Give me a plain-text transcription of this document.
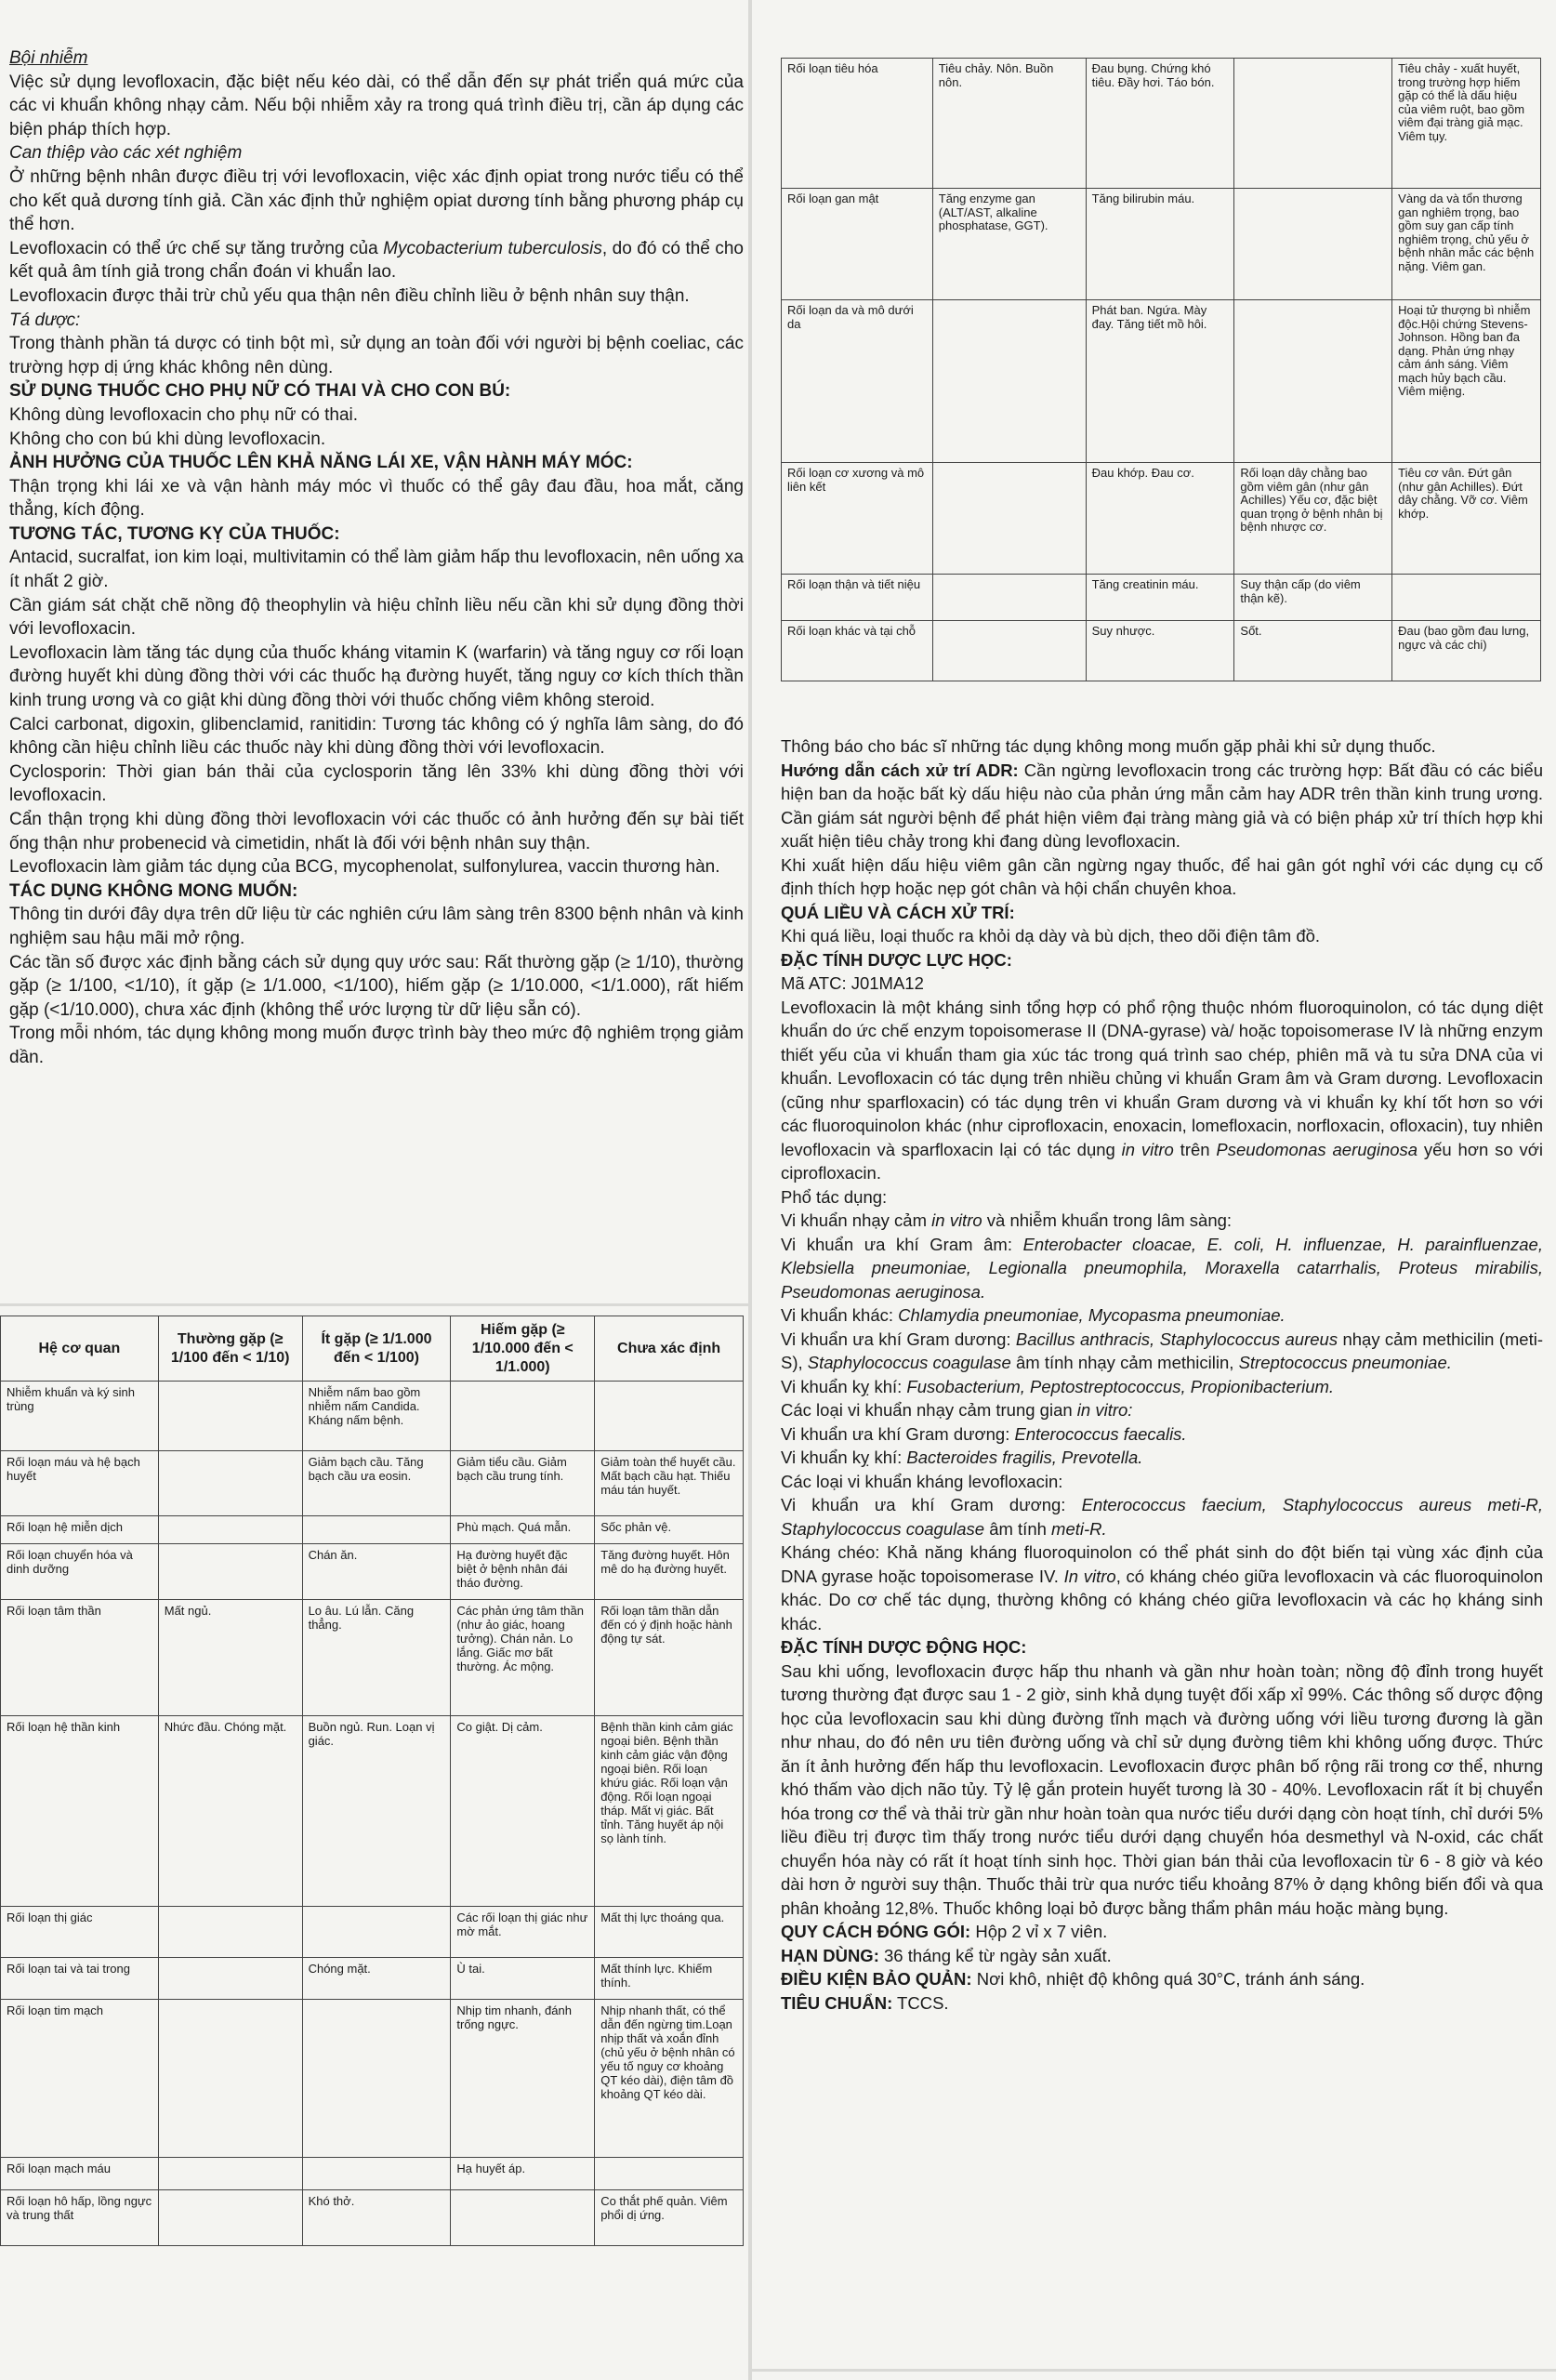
Bội nhiễm

Việc sử dụng levofloxacin, đặc biệt nếu kéo dài, có thể dẫn đến sự phát triển quá mức của các vi khuẩn không nhạy cảm. Nếu bội nhiễm xảy ra trong quá trình điều trị, cần áp dụng các biện pháp thích hợp.

Can thiệp vào các xét nghiệm

Ở những bệnh nhân được điều trị với levofloxacin, việc xác định opiat trong nước tiểu có thể cho kết quả dương tính giả. Cần xác định thử nghiệm opiat dương tính bằng phương pháp cụ thể hơn.

Levofloxacin có thể ức chế sự tăng trưởng của Mycobacterium tuberculosis, do đó có thể cho kết quả âm tính giả trong chẩn đoán vi khuẩn lao.

Levofloxacin được thải trừ chủ yếu qua thận nên điều chỉnh liều ở bệnh nhân suy thận.

Tá dược:

Trong thành phần tá dược có tinh bột mì, sử dụng an toàn đối với người bị bệnh coeliac, các trường hợp dị ứng khác không nên dùng.

SỬ DỤNG THUỐC CHO PHỤ NỮ CÓ THAI VÀ CHO CON BÚ:

Không dùng levofloxacin cho phụ nữ có thai.

Không cho con bú khi dùng levofloxacin.

ẢNH HƯỞNG CỦA THUỐC LÊN KHẢ NĂNG LÁI XE, VẬN HÀNH MÁY MÓC:

Thận trọng khi lái xe và vận hành máy móc vì thuốc có thể gây đau đầu, hoa mắt, căng thẳng, kích động.

TƯƠNG TÁC, TƯƠNG KỴ CỦA THUỐC:

Antacid, sucralfat, ion kim loại, multivitamin có thể làm giảm hấp thu levofloxacin, nên uống xa ít nhất 2 giờ.

Cần giám sát chặt chẽ nồng độ theophylin và hiệu chỉnh liều nếu cần khi sử dụng đồng thời với levofloxacin.

Levofloxacin làm tăng tác dụng của thuốc kháng vitamin K (warfarin) và tăng nguy cơ rối loạn đường huyết khi dùng đồng thời với các thuốc hạ đường huyết, tăng nguy cơ kích thích thần kinh trung ương và co giật khi dùng đồng thời với thuốc chống viêm không steroid.

Calci carbonat, digoxin, glibenclamid, ranitidin: Tương tác không có ý nghĩa lâm sàng, do đó không cần hiệu chỉnh liều các thuốc này khi dùng đồng thời với levofloxacin.

Cyclosporin: Thời gian bán thải của cyclosporin tăng lên 33% khi dùng đồng thời với levofloxacin.

Cẩn thận trọng khi dùng đồng thời levofloxacin với các thuốc có ảnh hưởng đến sự bài tiết ống thận như probenecid và cimetidin, nhất là đối với bệnh nhân suy thận.

Levofloxacin làm giảm tác dụng của BCG, mycophenolat, sulfonylurea, vaccin thương hàn.

TÁC DỤNG KHÔNG MONG MUỐN:

Thông tin dưới đây dựa trên dữ liệu từ các nghiên cứu lâm sàng trên 8300 bệnh nhân và kinh nghiệm sau hậu mãi mở rộng.

Các tần số được xác định bằng cách sử dụng quy ước sau: Rất thường gặp (≥ 1/10), thường gặp (≥ 1/100, <1/10), ít gặp (≥ 1/1.000, <1/100), hiếm gặp (≥ 1/10.000, <1/1.000), rất hiếm gặp (<1/10.000), chưa xác định (không thể ước lượng từ dữ liệu sẵn có).

Trong mỗi nhóm, tác dụng không mong muốn được trình bày theo mức độ nghiêm trọng giảm dần.

Hệ cơ quan	Thường gặp (≥ 1/100 đến < 1/10)	Ít gặp (≥ 1/1.000 đến < 1/100)	Hiếm gặp (≥ 1/10.000 đến < 1/1.000)	Chưa xác định
Nhiễm khuẩn và ký sinh trùng		Nhiễm nấm bao gồm nhiễm nấm Candida. Kháng nấm bệnh.		
Rối loạn máu và hệ bạch huyết		Giảm bạch cầu. Tăng bạch cầu ưa eosin.	Giảm tiểu cầu. Giảm bạch cầu trung tính.	Giảm toàn thể huyết cầu. Mất bạch cầu hạt. Thiếu máu tán huyết.
Rối loạn hệ miễn dịch			Phù mạch. Quá mẫn.	Sốc phản vệ.
Rối loạn chuyển hóa và dinh dưỡng		Chán ăn.	Hạ đường huyết đặc biệt ở bệnh nhân đái tháo đường.	Tăng đường huyết. Hôn mê do hạ đường huyết.
Rối loạn tâm thần	Mất ngủ.	Lo âu. Lú lẫn. Căng thẳng.	Các phản ứng tâm thần (như ảo giác, hoang tưởng). Chán nản. Lo lắng. Giấc mơ bất thường. Ác mộng.	Rối loạn tâm thần dẫn đến có ý định hoặc hành động tự sát.
Rối loạn hệ thần kinh	Nhức đầu. Chóng mặt.	Buồn ngủ. Run. Loạn vị giác.	Co giật. Dị cảm.	Bệnh thần kinh cảm giác ngoại biên. Bệnh thần kinh cảm giác vận động ngoại biên. Rối loạn khứu giác. Rối loạn vận động. Rối loạn ngoại tháp. Mất vị giác. Bất tỉnh. Tăng huyết áp nội sọ lành tính.
Rối loạn thị giác			Các rối loạn thị giác như mờ mắt.	Mất thị lực thoáng qua.
Rối loạn tai và tai trong		Chóng mặt.	Ù tai.	Mất thính lực. Khiếm thính.
Rối loạn tim mạch			Nhịp tim nhanh, đánh trống ngực.	Nhịp nhanh thất, có thể dẫn đến ngừng tim.Loạn nhịp thất và xoắn đỉnh (chủ yếu ở bệnh nhân có yếu tố nguy cơ khoảng QT kéo dài), điện tâm đồ khoảng QT kéo dài.
Rối loạn mạch máu			Hạ huyết áp.	
Rối loạn hô hấp, lồng ngực và trung thất		Khó thở.		Co thắt phế quản. Viêm phổi dị ứng.
Rối loạn tiêu hóa	Tiêu chảy. Nôn. Buồn nôn.	Đau bụng. Chứng khó tiêu. Đầy hơi. Táo bón.		Tiêu chảy - xuất huyết, trong trường hợp hiếm gặp có thể là dấu hiệu của viêm ruột, bao gồm viêm đại tràng giả mạc. Viêm tụy.
Rối loạn gan mật	Tăng enzyme gan (ALT/AST, alkaline phosphatase, GGT).	Tăng bilirubin máu.		Vàng da và tổn thương gan nghiêm trọng, bao gồm suy gan cấp tính nghiêm trọng, chủ yếu ở bệnh nhân mắc các bệnh nặng. Viêm gan.
Rối loạn da và mô dưới da		Phát ban. Ngứa. Mày đay. Tăng tiết mồ hôi.		Hoại tử thượng bì nhiễm độc.Hội chứng Stevens-Johnson. Hồng ban đa dạng. Phản ứng nhạy cảm ánh sáng. Viêm mạch hủy bạch cầu. Viêm miệng.
Rối loạn cơ xương và mô liên kết		Đau khớp. Đau cơ.	Rối loạn dây chằng bao gồm viêm gân (như gân Achilles) Yếu cơ, đặc biệt quan trọng ở bệnh nhân bị bệnh nhược cơ.	Tiêu cơ vân. Đứt gân (như gân Achilles). Đứt dây chằng. Vỡ cơ. Viêm khớp.
Rối loạn thận và tiết niệu		Tăng creatinin máu.	Suy thận cấp (do viêm thận kẽ).	
Rối loạn khác và tại chỗ		Suy nhược.	Sốt.	Đau (bao gồm đau lưng, ngực và các chi)

Thông báo cho bác sĩ những tác dụng không mong muốn gặp phải khi sử dụng thuốc.

Hướng dẫn cách xử trí ADR: Cần ngừng levofloxacin trong các trường hợp: Bất đầu có các biểu hiện ban da hoặc bất kỳ dấu hiệu nào của phản ứng mẫn cảm hay ADR trên thần kinh trung ương. Cần giám sát người bệnh để phát hiện viêm đại tràng màng giả và có biện pháp xử trí thích hợp khi xuất hiện tiêu chảy trong khi đang dùng levofloxacin.

Khi xuất hiện dấu hiệu viêm gân cần ngừng ngay thuốc, để hai gân gót nghỉ với các dụng cụ cố định thích hợp hoặc nẹp gót chân và hội chẩn chuyên khoa.

QUÁ LIỀU VÀ CÁCH XỬ TRÍ:

Khi quá liều, loại thuốc ra khỏi dạ dày và bù dịch, theo dõi điện tâm đồ.

ĐẶC TÍNH DƯỢC LỰC HỌC:

Mã ATC: J01MA12

Levofloxacin là một kháng sinh tổng hợp có phổ rộng thuộc nhóm fluoroquinolon, có tác dụng diệt khuẩn do ức chế enzym topoisomerase II (DNA-gyrase) và/ hoặc topoisomerase IV là những enzym thiết yếu của vi khuẩn tham gia xúc tác trong quá trình sao chép, phiên mã và tu sửa DNA của vi khuẩn. Levofloxacin có tác dụng trên nhiều chủng vi khuẩn Gram âm và Gram dương. Levofloxacin (cũng như sparfloxacin) có tác dụng trên vi khuẩn Gram dương và vi khuẩn kỵ khí tốt hơn so với các fluoroquinolon khác (như ciprofloxacin, enoxacin, lomefloxacin, norfloxacin, ofloxacin), tuy nhiên levofloxacin và sparfloxacin lại có tác dụng in vitro trên Pseudomonas aeruginosa yếu hơn so với ciprofloxacin.

Phổ tác dụng:

Vi khuẩn nhạy cảm in vitro và nhiễm khuẩn trong lâm sàng:

Vi khuẩn ưa khí Gram âm: Enterobacter cloacae, E. coli, H. influenzae, H. parainfluenzae, Klebsiella pneumoniae, Legionalla pneumophila, Moraxella catarrhalis, Proteus mirabilis, Pseudomonas aeruginosa.

Vi khuẩn khác: Chlamydia pneumoniae, Mycopasma pneumoniae.

Vi khuẩn ưa khí Gram dương: Bacillus anthracis, Staphylococcus aureus nhạy cảm methicilin (meti-S), Staphylococcus coagulase âm tính nhạy cảm methicilin, Streptococcus pneumoniae.

Vi khuẩn kỵ khí: Fusobacterium, Peptostreptococcus, Propionibacterium.

Các loại vi khuẩn nhạy cảm trung gian in vitro:

Vi khuẩn ưa khí Gram dương: Enterococcus faecalis.

Vi khuẩn kỵ khí: Bacteroides fragilis, Prevotella.

Các loại vi khuẩn kháng levofloxacin:

Vi khuẩn ưa khí Gram dương: Enterococcus faecium, Staphylococcus aureus meti-R, Staphylococcus coagulase âm tính meti-R.

Kháng chéo: Khả năng kháng fluoroquinolon có thể phát sinh do đột biến tại vùng xác định của DNA gyrase hoặc topoisomerase IV. In vitro, có kháng chéo giữa levofloxacin và các fluoroquinolon khác. Do cơ chế tác dụng, thường không có kháng chéo giữa levofloxacin và các họ kháng sinh khác.

ĐẶC TÍNH DƯỢC ĐỘNG HỌC:

Sau khi uống, levofloxacin được hấp thu nhanh và gần như hoàn toàn; nồng độ đỉnh trong huyết tương thường đạt được sau 1 - 2 giờ, sinh khả dụng tuyệt đối xấp xỉ 99%. Các thông số dược động học của levofloxacin sau khi dùng đường tĩnh mạch và đường uống với liều tương đương là gần như nhau, do đó nên ưu tiên đường uống và chỉ sử dụng đường tiêm khi không uống được. Thức ăn ít ảnh hưởng đến hấp thu levofloxacin. Levofloxacin được phân bố rộng rãi trong cơ thể, nhưng khó thấm vào dịch não tủy. Tỷ lệ gắn protein huyết tương là 30 - 40%. Levofloxacin rất ít bị chuyển hóa trong cơ thể và thải trừ gần như hoàn toàn qua nước tiểu dưới dạng còn hoạt tính, chỉ dưới 5% liều điều trị được tìm thấy trong nước tiểu dưới dạng chuyển hóa desmethyl và N-oxid, các chất chuyển hóa này có rất ít hoạt tính sinh học. Thời gian bán thải của levofloxacin từ 6 - 8 giờ và kéo dài hơn ở người suy thận. Thuốc thải trừ qua nước tiểu khoảng 87% ở dạng không biến đổi và qua phân khoảng 12,8%. Thuốc không loại bỏ được bằng thẩm phân máu hoặc màng bụng.

QUY CÁCH ĐÓNG GÓI: Hộp 2 vỉ x 7 viên.

HẠN DÙNG: 36 tháng kể từ ngày sản xuất.

ĐIỀU KIỆN BẢO QUẢN: Nơi khô, nhiệt độ không quá 30°C, tránh ánh sáng.

TIÊU CHUẨN: TCCS.
